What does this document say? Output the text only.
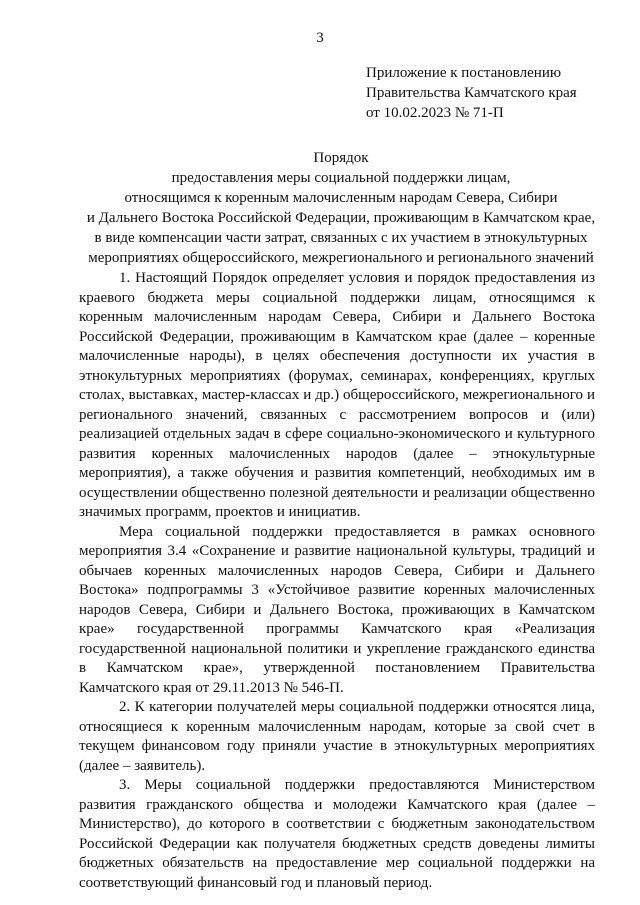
3
Приложение к постановлению
Правительства Камчатского края
от 10.02.2023 № 71-П
Порядок
предоставления меры социальной поддержки лицам,
относящимся к коренным малочисленным народам Севера, Сибири
и Дальнего Востока Российской Федерации, проживающим в Камчатском крае,
в виде компенсации части затрат, связанных с их участием в этнокультурных
мероприятиях общероссийского, межрегионального и регионального значений

1. Настоящий Порядок определяет условия и порядок предоставления из краевого бюджета меры социальной поддержки лицам, относящимся к коренным малочисленным народам Севера, Сибири и Дальнего Востока Российской Федерации, проживающим в Камчатском крае (далее – коренные малочисленные народы), в целях обеспечения доступности их участия в этнокультурных мероприятиях (форумах, семинарах, конференциях, круглых столах, выставках, мастер-классах и др.) общероссийского, межрегионального и регионального значений, связанных с рассмотрением вопросов и (или) реализацией отдельных задач в сфере социально-экономического и культурного развития коренных малочисленных народов (далее – этнокультурные мероприятия), а также обучения и развития компетенций, необходимых им в осуществлении общественно полезной деятельности и реализации общественно значимых программ, проектов и инициатив.

Мера социальной поддержки предоставляется в рамках основного мероприятия 3.4 «Сохранение и развитие национальной культуры, традиций и обычаев коренных малочисленных народов Севера, Сибири и Дальнего Востока» подпрограммы 3 «Устойчивое развитие коренных малочисленных народов Севера, Сибири и Дальнего Востока, проживающих в Камчатском крае» государственной программы Камчатского края «Реализация государственной национальной политики и укрепление гражданского единства в Камчатском крае», утвержденной постановлением Правительства Камчатского края от 29.11.2013 № 546-П.

2. К категории получателей меры социальной поддержки относятся лица, относящиеся к коренным малочисленным народам, которые за свой счет в текущем финансовом году приняли участие в этнокультурных мероприятиях (далее – заявитель).

3. Меры социальной поддержки предоставляются Министерством развития гражданского общества и молодежи Камчатского края (далее – Министерство), до которого в соответствии с бюджетным законодательством Российской Федерации как получателя бюджетных средств доведены лимиты бюджетных обязательств на предоставление мер социальной поддержки на соответствующий финансовый год и плановый период.
